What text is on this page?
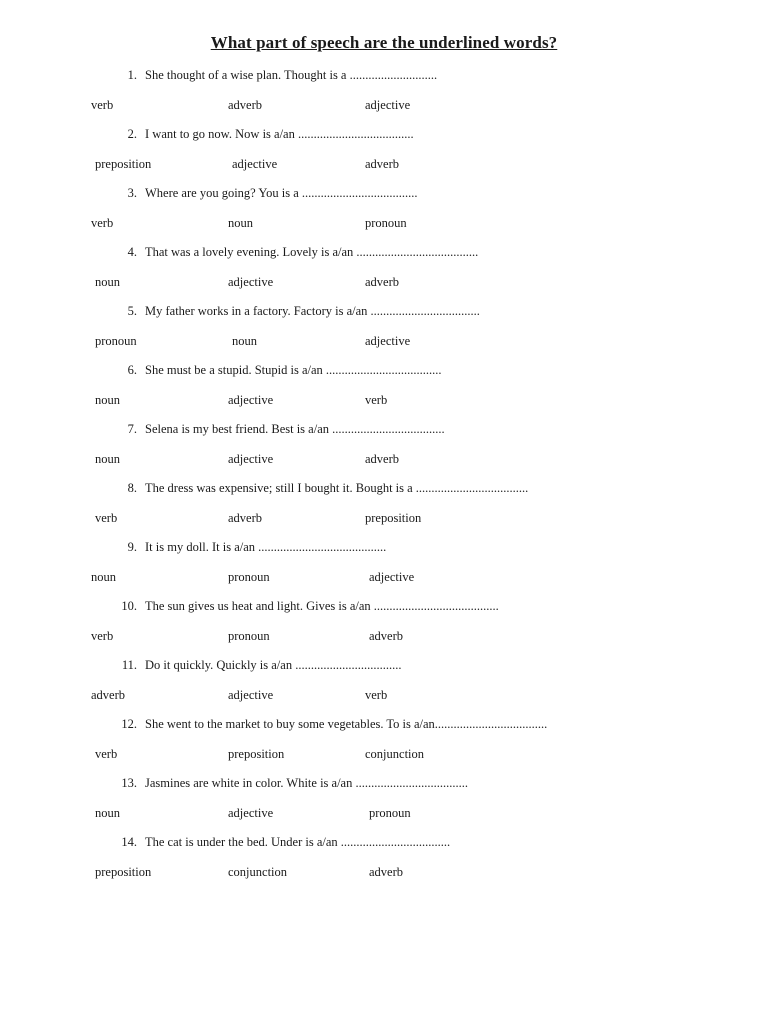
What part of speech are the underlined words?
1. She thought of a wise plan. Thought is a ............................
verb	adverb	adjective
2. I want to go now. Now is a/an .....................................
preposition	adjective	adverb
3. Where are you going? You is a .....................................
verb	noun	pronoun
4. That was a lovely evening. Lovely is a/an .......................................
noun	adjective	adverb
5. My father works in a factory. Factory is a/an ...................................
pronoun	noun	adjective
6. She must be a stupid. Stupid is a/an .....................................
noun	adjective	verb
7. Selena is my best friend. Best is a/an ....................................
noun	adjective	adverb
8. The dress was expensive; still I bought it. Bought is a ....................................
verb	adverb	preposition
9. It is my doll. It is a/an .........................................
noun	pronoun	adjective
10. The sun gives us heat and light. Gives is a/an ........................................
verb	pronoun	adverb
11. Do it quickly. Quickly is a/an ..................................
adverb	adjective	verb
12. She went to the market to buy some vegetables. To is a/an....................................
verb	preposition	conjunction
13. Jasmines are white in color. White is a/an ....................................
noun	adjective	pronoun
14. The cat is under the bed. Under is a/an ...................................
preposition	conjunction	adverb
